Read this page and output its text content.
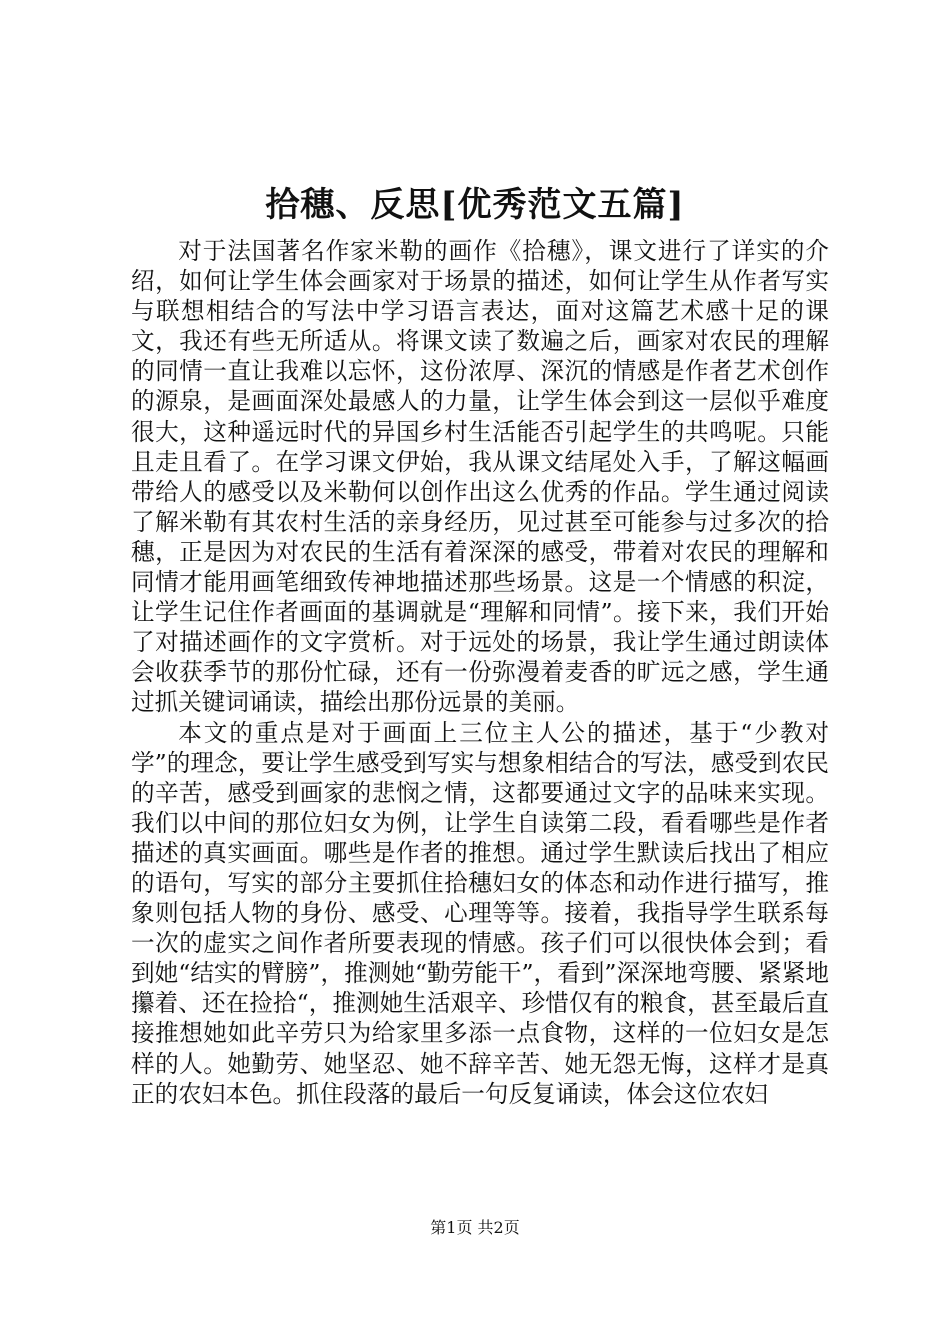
拾穗、反思[优秀范文五篇]

对于法国著名作家米勒的画作《拾穗》，课文进行了详实的介绍，如何让学生体会画家对于场景的描述，如何让学生从作者写实与联想相结合的写法中学习语言表达，面对这篇艺术感十足的课文，我还有些无所适从。将课文读了数遍之后，画家对农民的理解的同情一直让我难以忘怀，这份浓厚、深沉的情感是作者艺术创作的源泉，是画面深处最感人的力量，让学生体会到这一层似乎难度很大，这种遥远时代的异国乡村生活能否引起学生的共鸣呢。只能且走且看了。在学习课文伊始，我从课文结尾处入手，了解这幅画带给人的感受以及米勒何以创作出这么优秀的作品。学生通过阅读了解米勒有其农村生活的亲身经历，见过甚至可能参与过多次的拾穗，正是因为对农民的生活有着深深的感受，带着对农民的理解和同情才能用画笔细致传神地描述那些场景。这是一个情感的积淀，让学生记住作者画面的基调就是“理解和同情”。接下来，我们开始了对描述画作的文字赏析。对于远处的场景，我让学生通过朗读体会收获季节的那份忙碌，还有一份弥漫着麦香的旷远之感，学生通过抓关键词诵读，描绘出那份远景的美丽。

本文的重点是对于画面上三位主人公的描述，基于“少教对学”的理念，要让学生感受到写实与想象相结合的写法，感受到农民的辛苦，感受到画家的悲悯之情，这都要通过文字的品味来实现。我们以中间的那位妇女为例，让学生自读第二段，看看哪些是作者描述的真实画面。哪些是作者的推想。通过学生默读后找出了相应的语句，写实的部分主要抓住拾穗妇女的体态和动作进行描写，推象则包括人物的身份、感受、心理等等。接着，我指导学生联系每一次的虚实之间作者所要表现的情感。孩子们可以很快体会到；看到她“结实的臂膀”，推测她“勤劳能干”，看到”深深地弯腰、紧紧地攥着、还在捡拾“，推测她生活艰辛、珍惜仅有的粮食，甚至最后直接推想她如此辛劳只为给家里多添一点食物，这样的一位妇女是怎样的人。她勤劳、她坚忍、她不辞辛苦、她无怨无悔，这样才是真正的农妇本色。抓住段落的最后一句反复诵读，体会这位农妇

第1页 共2页
